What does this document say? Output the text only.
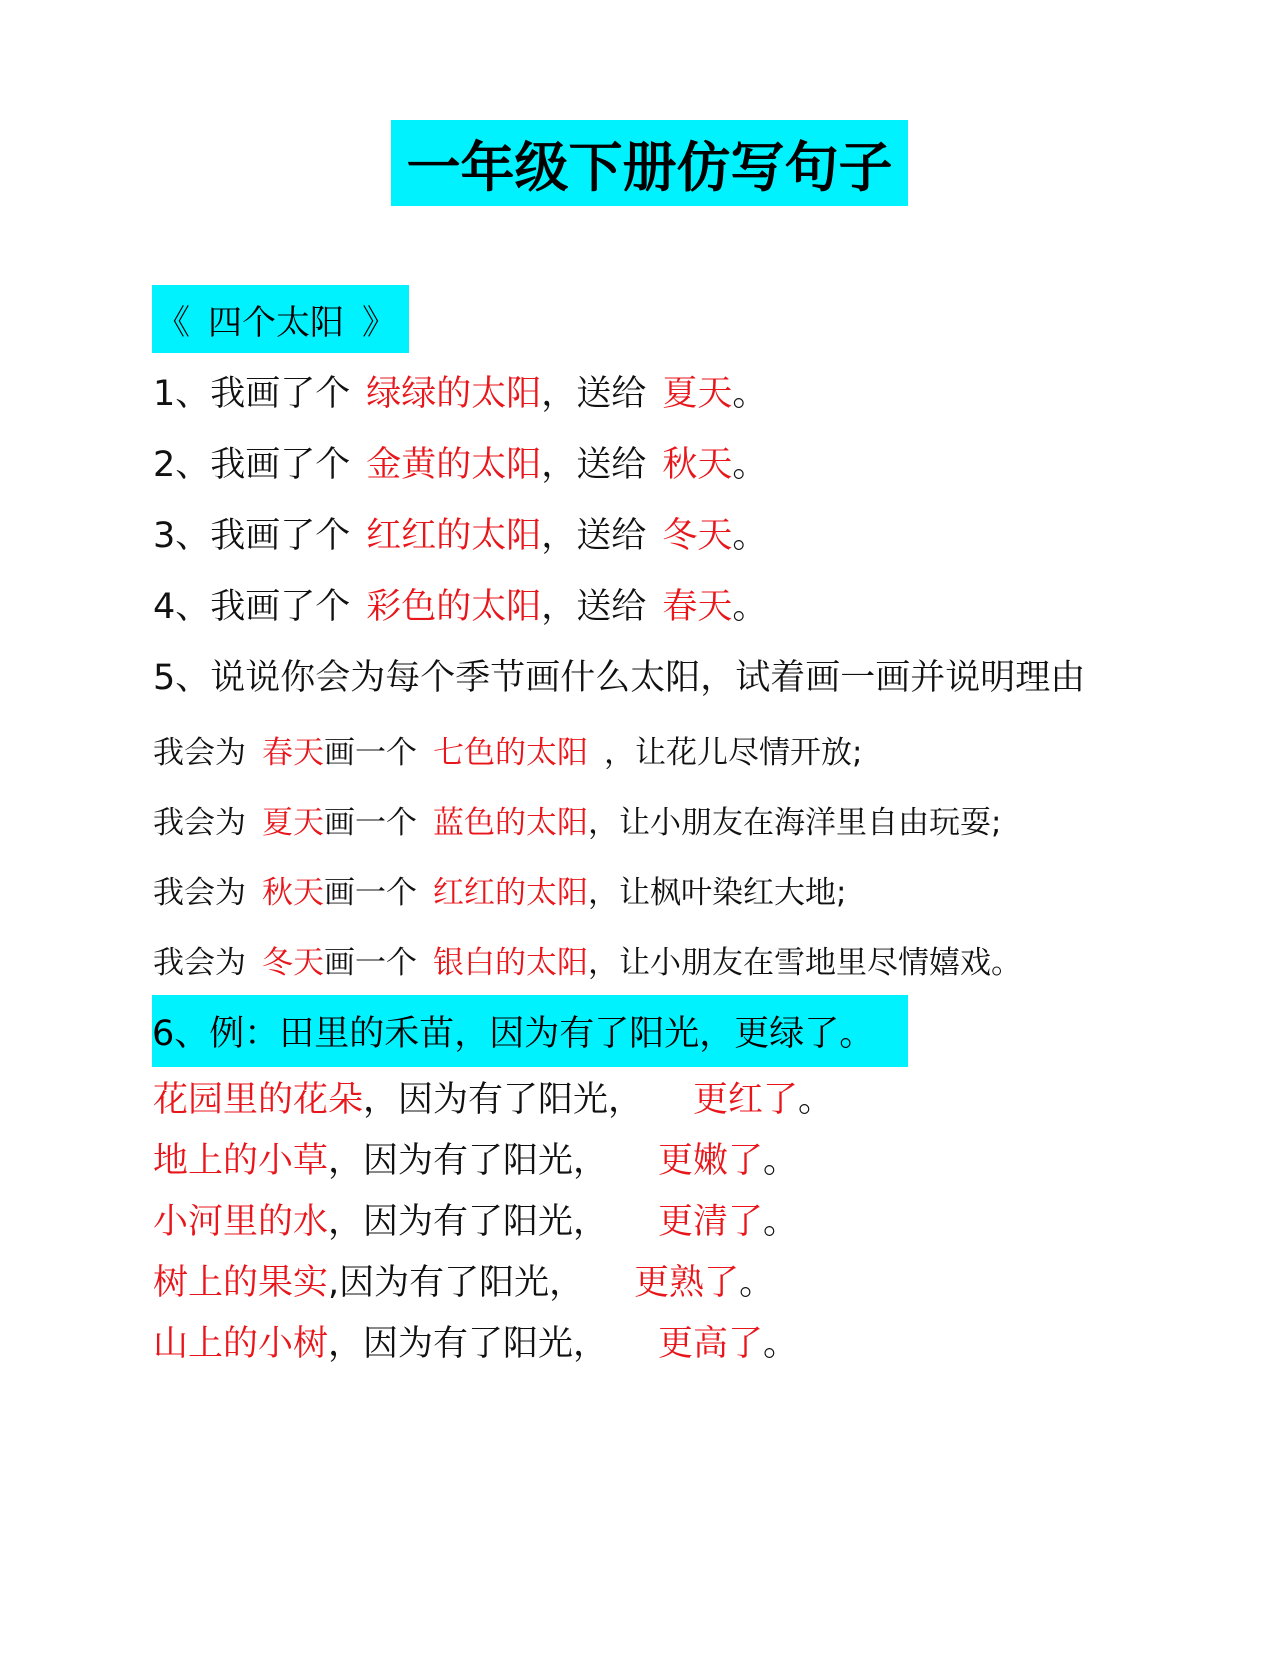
一年级下册仿写句子
《 四个太阳 》
1、我画了个 绿绿的太阳，送给 夏天。
2、我画了个 金黄的太阳，送给 秋天。
3、我画了个 红红的太阳，送给 冬天。
4、我画了个 彩色的太阳，送给 春天。
5、说说你会为每个季节画什么太阳，试着画一画并说明理由
我会为 春天画一个 七色的太阳 ，让花儿尽情开放;
我会为 夏天画一个 蓝色的太阳，让小朋友在海洋里自由玩耍;
我会为 秋天画一个 红红的太阳，让枫叶染红大地;
我会为 冬天画一个 银白的太阳，让小朋友在雪地里尽情嬉戏。
6、例：田里的禾苗，因为有了阳光，更绿了。
花园里的花朵，因为有了阳光， 更红了。
地上的小草，因为有了阳光， 更嫩了。
小河里的水，因为有了阳光， 更清了。
树上的果实,因为有了阳光， 更熟了。
山上的小树，因为有了阳光， 更高了。
